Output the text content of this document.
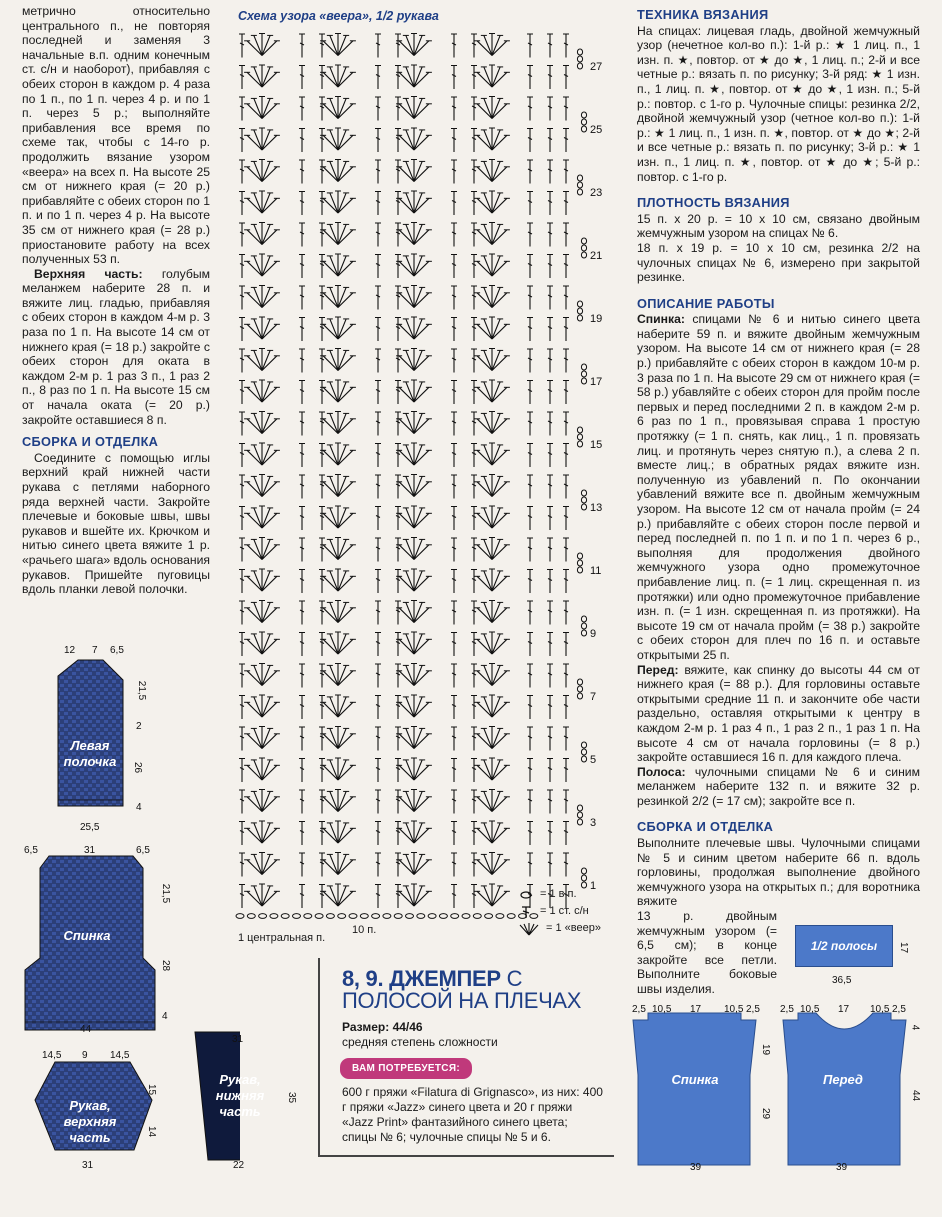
метрично относительно центрального п., не повторяя последней и заменяя 3 начальные в.п. одним конечным ст. с/н и наоборот), прибавляя с обеих сторон в каждом р. 4 раза по 1 п., по 1 п. через 4 р. и по 1 п. через 5 р.; выполняйте прибавления все время по схеме так, чтобы с 14-го р. продолжить вязание узором «веера» на всех п. На высоте 25 см от нижнего края (= 20 р.) прибавляйте с обеих сторон по 1 п. и по 1 п. через 4 р. На высоте 35 см от нижнего края (= 28 р.) приостановите работу на всех полученных 53 п.

Верхняя часть: голубым меланжем наберите 28 п. и вяжите лиц. гладью, прибавляя с обеих сторон в каждом 4-м р. 3 раза по 1 п. На высоте 14 см от нижнего края (= 18 р.) закройте с обеих сторон для оката в каждом 2-м р. 1 раз 3 п., 1 раз 2 п., 8 раз по 1 п. На высоте 15 см от начала оката (= 20 р.) закройте оставшиеся 8 п.

СБОРКА И ОТДЕЛКА

Соедините с помощью иглы верхний край нижней части рукава с петлями наборного ряда верхней части. Закройте плечевые и боковые швы, швы рукавов и вшейте их. Крючком и нитью синего цвета вяжите 1 р. «рачьего шага» вдоль основания рукавов. Пришейте пуговицы вдоль планки левой полочки.

Схема узора «веера», 1/2 рукава
27
25
23
21
19
17
15
13
11
9
7
5
3
1
= 1 в.п.
= 1 ст. с/н
= 1 «веер»
10 п.
1 центральная п.
8, 9. ДЖЕМПЕР С ПОЛОСОЙ НА ПЛЕЧАХ
Размер: 44/46
средняя степень сложности
ВАМ ПОТРЕБУЕТСЯ:
600 г пряжи «Filatura di Grignasco», из них: 400 г пряжи «Jazz» синего цвета и 20 г пряжи «Jazz Print» фантазийного синего цвета; спицы № 6; чулочные спицы № 5 и 6.
ТЕХНИКА ВЯЗАНИЯ

На спицах: лицевая гладь, двойной жемчужный узор (нечетное кол-во п.): 1-й р.: ★ 1 лиц. п., 1 изн. п. ★, повтор. от ★ до ★, 1 лиц. п.; 2-й и все четные р.: вязать п. по рисунку; 3-й ряд: ★ 1 изн. п., 1 лиц. п. ★, повтор. от ★ до ★, 1 изн. п.; 5-й р.: повтор. с 1-го р. Чулочные спицы: резинка 2/2, двойной жемчужный узор (четное кол-во п.): 1-й р.: ★ 1 лиц. п., 1 изн. п. ★, повтор. от ★ до ★; 2-й и все четные р.: вязать п. по рисунку; 3-й р.: ★ 1 изн. п., 1 лиц. п. ★, повтор. от ★ до ★; 5-й р.: повтор. с 1-го р.

ПЛОТНОСТЬ ВЯЗАНИЯ

15 п. х 20 р. = 10 х 10 см, связано двойным жемчужным узором на спицах № 6.

18 п. х 19 р. = 10 х 10 см, резинка 2/2 на чулочных спицах № 6, измерено при закрытой резинке.

ОПИСАНИЕ РАБОТЫ

Спинка: спицами № 6 и нитью синего цвета наберите 59 п. и вяжите двойным жемчужным узором. На высоте 14 см от нижнего края (= 28 р.) прибавляйте с обеих сторон в каждом 10-м р. 3 раза по 1 п. На высоте 29 см от нижнего края (= 58 р.) убавляйте с обеих сторон для пройм после первых и перед последними 2 п. в каждом 2-м р. 6 раз по 1 п., провязывая справа 1 простую протяжку (= 1 п. снять, как лиц., 1 п. провязать лиц. и протянуть через снятую п.), а слева 2 п. вместе лиц.; в обратных рядах вяжите изн. полученную из убавлений п. По окончании убавлений вяжите все п. двойным жемчужным узором. На высоте 12 см от начала пройм (= 24 р.) прибавляйте с обеих сторон после первой и перед последней п. по 1 п. и по 1 п. через 6 р., выполняя для продолжения двойного жемчужного узора одно промежуточное прибавление лиц. п. (= 1 лиц. скрещенная п. из протяжки) или одно промежуточное прибавление изн. п. (= 1 изн. скрещенная п. из протяжки). На высоте 19 см от начала пройм (= 38 р.) закройте с обеих сторон для плеч по 16 п. и оставьте открытыми 25 п.

Перед: вяжите, как спинку до высоты 44 см от нижнего края (= 88 р.). Для горловины оставьте открытыми средние 11 п. и закончите обе части раздельно, оставляя открытыми к центру в каждом 2-м р. 1 раз 4 п., 1 раз 2 п., 1 раз 1 п. На высоте 4 см от начала горловины (= 8 р.) закройте оставшиеся 16 п. для каждого плеча.

Полоса: чулочными спицами № 6 и синим меланжем наберите 132 п. и вяжите 32 р. резинкой 2/2 (= 17 см); закройте все п.

СБОРКА И ОТДЕЛКА

Выполните плечевые швы. Чулочными спицами № 5 и синим цветом наберите 66 п. вдоль горловины, продолжая выполнение двойного жемчужного узора на открытых п.; для воротника вяжите

13 р. двойным жемчужным узором (= 6,5 см); в конце закройте все петли. Выполните боковые швы изделия.

Левая полочка
Спинка
Рукав, верхняя часть
Рукав, нижняя часть
12 7 6,5
21,5
2
26
4
25,5
6,5	31	6,5
21,5
28
4
44
14,5 9 14,5
15
14
31
31
35
22
1/2 полосы 17
36,5
Спинка	Перед
2,5 10,5 17 10,5 2,5
19
29
39
2,5 10,5 17 10,5 2,5
4
44
39
